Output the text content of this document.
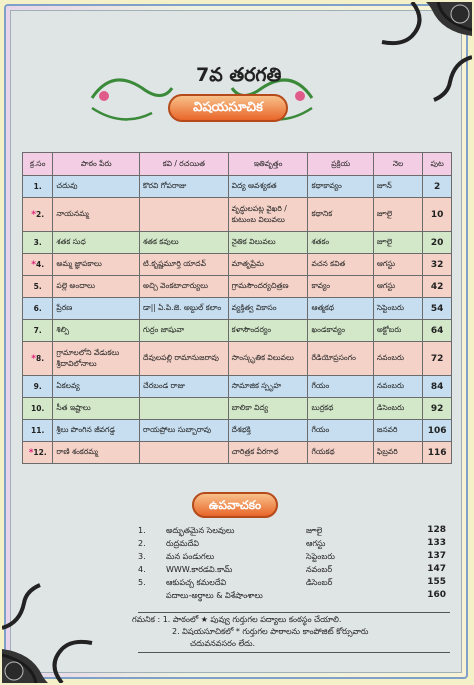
7వ తరగతి
విషయసూచిక
క్ర.సం	పాఠం పేరు	కవి / రచయిత	ఇతివృత్తం	ప్రక్రియ	నెల	పుట
1.	చదువు	కొరవి గోపరాజు	విద్య ఆవశ్యకత	కథాకావ్యం	జూన్	2
*2.	నాయనమ్మ		వృద్ధులపట్ల వైఖరి / కుటుంబ విలువలు	కథానిక	జూలై	10
3.	శతక సుధ	శతక కవులు	నైతిక విలువలు	శతకం	జూలై	20
*4.	అమ్మ జ్ఞాపకాలు	టి.కృష్ణమూర్తి యాదవ్	మాతృప్రేమ	వచన కవిత	ఆగస్టు	32
5.	పల్లె అందాలు	అచ్చి వెంకటాచార్యులు	గ్రామసౌందర్యచిత్రణ	కావ్యం	ఆగస్టు	42
6.	ప్రేరణ	డా|| ఏ.పి.జె. అబ్దుల్ కలాం	వ్యక్తిత్వ వికాసం	ఆత్మకథ	సెప్టెంబరు	54
7.	శిల్పి	గుర్రం జాషువా	కళాసౌందర్యం	ఖండకావ్యం	అక్టోబరు	64
*8.	గ్రామాలలోని వేడుకలు శ్రీదావిలోనాలు	దేవులపల్లి రామానుజరావు	సాంస్కృతిక విలువలు	రేడియోప్రసంగం	నవంబరు	72
9.	ఏకలవ్య	చేరబండ రాజు	సామాజిక స్పృహ	గేయం	నవంబరు	84
10.	సీత ఇష్టాలు		బాలికా విద్య	బుర్రకథ	డిసెంబరు	92
11.	శ్రీలు పొంగిన జీవగడ్డ	రాయప్రోలు సుబ్బారావు	దేశభక్తి	గేయం	జనవరి	106
*12.	రాణి శంకరమ్మ		చారిత్రక వీరగాథ	గేయకథ	ఫిబ్రవరి	116
ఉపవాచకం
1.	అద్భుతమైన సెలవులు	జూలై	128
2.	రుద్రమదేవి	ఆగస్టు	133
3.	మన పండుగలు	సెప్టెంబరు	137
4.	WWW.కారడవి.కామ్	నవంబర్	147
5.	ఆకుపచ్చ కమలదేవి	డిసెంబర్	155
పదాలు-అర్థాలు & విశేషాంశాలు	160
గమనిక : 1. పాఠంలో ★ పువ్వు గుర్తుగల పద్యాలు కంఠస్థం చేయాలి.
2. విషయసూచికలో * గుర్తుగల పాఠాలను కాంపోజిట్ కోర్సువారు
చదువనవసరం లేదు.
